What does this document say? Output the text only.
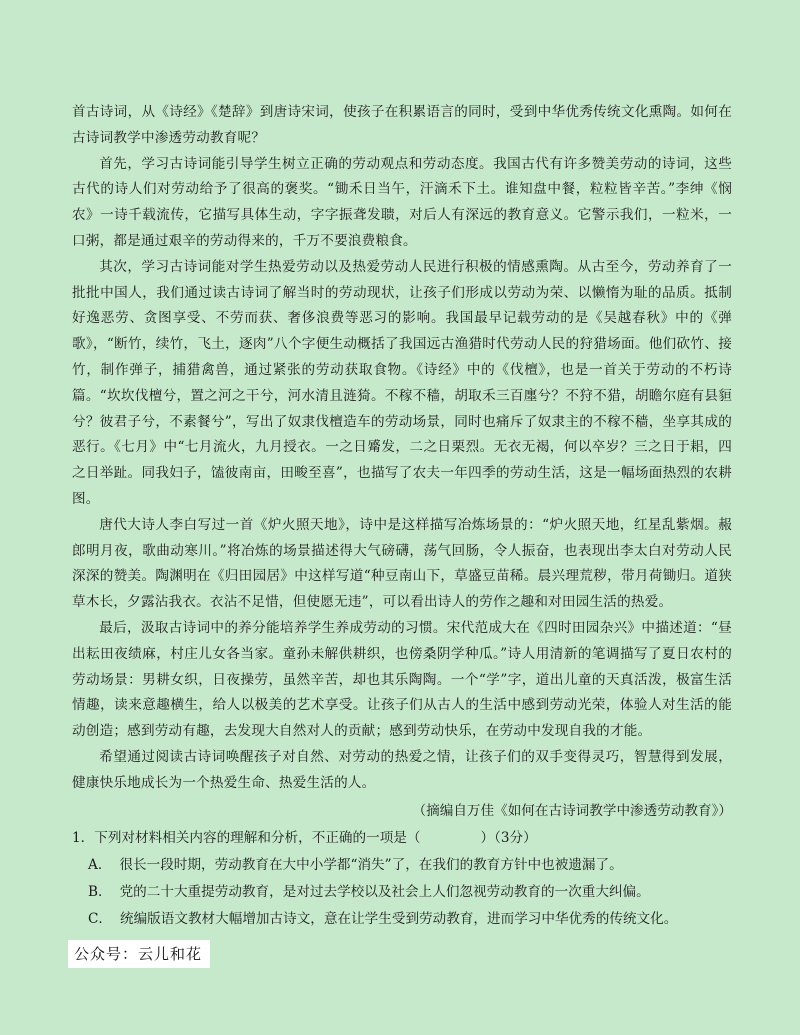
首古诗词，从《诗经》《楚辞》到唐诗宋词，使孩子在积累语言的同时，受到中华优秀传统文化熏陶。如何在古诗词教学中渗透劳动教育呢？

首先，学习古诗词能引导学生树立正确的劳动观点和劳动态度。我国古代有许多赞美劳动的诗词，这些古代的诗人们对劳动给予了很高的褒奖。“锄禾日当午，汗滴禾下土。谁知盘中餐，粒粒皆辛苦。”李绅《悯农》一诗千载流传，它描写具体生动，字字振聋发聩，对后人有深远的教育意义。它警示我们，一粒米，一口粥，都是通过艰辛的劳动得来的，千万不要浪费粮食。

其次，学习古诗词能对学生热爱劳动以及热爱劳动人民进行积极的情感熏陶。从古至今，劳动养育了一批批中国人，我们通过读古诗词了解当时的劳动现状，让孩子们形成以劳动为荣、以懒惰为耻的品质。抵制好逸恶劳、贪图享受、不劳而获、奢侈浪费等恶习的影响。我国最早记载劳动的是《吴越春秋》中的《弹歌》，“断竹，续竹，飞土，逐肉”八个字便生动概括了我国远古渔猎时代劳动人民的狩猎场面。他们砍竹、接竹，制作弹子，捕猎禽兽，通过紧张的劳动获取食物。《诗经》中的《伐檀》，也是一首关于劳动的不朽诗篇。“坎坎伐檀兮，置之河之干兮，河水清且涟猗。不稼不穑，胡取禾三百廛兮？不狩不猎，胡瞻尔庭有县貆兮？彼君子兮，不素餐兮”，写出了奴隶伐檀造车的劳动场景，同时也痛斥了奴隶主的不稼不穑，坐享其成的恶行。《七月》中“七月流火，九月授衣。一之日觱发，二之日栗烈。无衣无褐，何以卒岁？三之日于耜，四之日举趾。同我妇子，馌彼南亩，田畯至喜”，也描写了农夫一年四季的劳动生活，这是一幅场面热烈的农耕图。

唐代大诗人李白写过一首《炉火照天地》，诗中是这样描写冶炼场景的：“炉火照天地，红星乱紫烟。赧郎明月夜，歌曲动寒川。”将冶炼的场景描述得大气磅礴，荡气回肠，令人振奋，也表现出李太白对劳动人民深深的赞美。陶渊明在《归田园居》中这样写道“种豆南山下，草盛豆苗稀。晨兴理荒秽，带月荷锄归。道狭草木长，夕露沾我衣。衣沾不足惜，但使愿无违”，可以看出诗人的劳作之趣和对田园生活的热爱。

最后，汲取古诗词中的养分能培养学生养成劳动的习惯。宋代范成大在《四时田园杂兴》中描述道：“昼出耘田夜绩麻，村庄儿女各当家。童孙未解供耕织，也傍桑阴学种瓜。”诗人用清新的笔调描写了夏日农村的劳动场景：男耕女织，日夜操劳，虽然辛苦，却也其乐陶陶。一个“学”字，道出儿童的天真活泼，极富生活情趣，读来意趣横生，给人以极美的艺术享受。让孩子们从古人的生活中感到劳动光荣，体验人对生活的能动创造；感到劳动有趣，去发现大自然对人的贡献；感到劳动快乐，在劳动中发现自我的才能。

希望通过阅读古诗词唤醒孩子对自然、对劳动的热爱之情，让孩子们的双手变得灵巧，智慧得到发展，健康快乐地成长为一个热爱生命、热爱生活的人。

（摘编自万佳《如何在古诗词教学中渗透劳动教育》）

1．下列对材料相关内容的理解和分析，不正确的一项是（	）（3分）

A． 很长一段时期，劳动教育在大中小学都“消失”了，在我们的教育方针中也被遗漏了。
B． 党的二十大重提劳动教育，是对过去学校以及社会上人们忽视劳动教育的一次重大纠偏。
C． 统编版语文教材大幅增加古诗文，意在让学生受到劳动教育，进而学习中华优秀的传统文化。
公众号：云儿和花
